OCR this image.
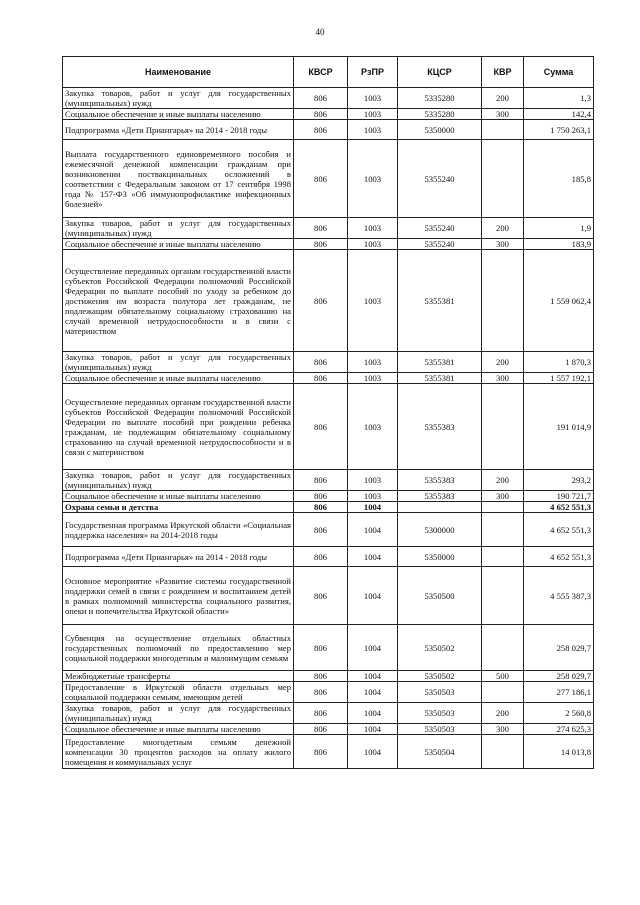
40
Наименование	КВСР	РзПР	КЦСР	КВР	Сумма
Закупка товаров, работ и услуг для государственных (муниципальных) нужд	806	1003	5335280	200	1,3
Социальное обеспечение и иные выплаты населению	806	1003	5335280	300	142,4
Подпрограмма «Дети Приангарья» на 2014 - 2018 годы	806	1003	5350000		1 750 263,1
Выплата государственного единовременного пособия и ежемесячной денежной компенсации гражданам при возникновении поствакцинальных осложнений в соответствии с Федеральным законом от 17 сентября 1998 года № 157-ФЗ «Об иммунопрофилактике инфекционных болезней»	806	1003	5355240		185,8
Закупка товаров, работ и услуг для государственных (муниципальных) нужд	806	1003	5355240	200	1,9
Социальное обеспечение и иные выплаты населению	806	1003	5355240	300	183,9
Осуществление переданных органам государственной власти субъектов Российской Федерации полномочий Российской Федерации по выплате пособий по уходу за ребенком до достижения им возраста полутора лет гражданам, не подлежащим обязательному социальному страхованию на случай временной нетрудоспособности и в связи с материнством	806	1003	5355381		1 559 062,4
Закупка товаров, работ и услуг для государственных (муниципальных) нужд	806	1003	5355381	200	1 870,3
Социальное обеспечение и иные выплаты населению	806	1003	5355381	300	1 557 192,1
Осуществление переданных органам государственной власти субъектов Российской Федерации полномочий Российской Федерации по выплате пособий при рождении ребенка гражданам, не подлежащим обязательному социальному страхованию на случай временной нетрудоспособности и в связи с материнством	806	1003	5355383		191 014,9
Закупка товаров, работ и услуг для государственных (муниципальных) нужд	806	1003	5355383	200	293,2
Социальное обеспечение и иные выплаты населению	806	1003	5355383	300	190 721,7
Охрана семьи и детства	806	1004			4 652 551,3
Государственная программа Иркутской области «Социальная поддержка населения» на 2014-2018 годы	806	1004	5300000		4 652 551,3
Подпрограмма «Дети Приангарья» на 2014 - 2018 годы	806	1004	5350000		4 652 551,3
Основное мероприятие «Развитие системы государственной поддержки семей в связи с рождением и воспитанием детей в рамках полномочий министерства социального развития, опеки и попечительства Иркутской области»	806	1004	5350500		4 555 387,3
Субвенция на осуществление отдельных областных государственных полномочий по предоставлению мер социальной поддержки многодетным и малоимущим семьям	806	1004	5350502		258 029,7
Межбюджетные трансферты	806	1004	5350502	500	258 029,7
Предоставление в Иркутской области отдельных мер социальной поддержки семьям, имеющим детей	806	1004	5350503		277 186,1
Закупка товаров, работ и услуг для государственных (муниципальных) нужд	806	1004	5350503	200	2 560,8
Социальное обеспечение и иные выплаты населению	806	1004	5350503	300	274 625,3
Предоставление многодетным семьям денежной компенсации 30 процентов расходов на оплату жилого помещения и коммунальных услуг	806	1004	5350504		14 013,8
